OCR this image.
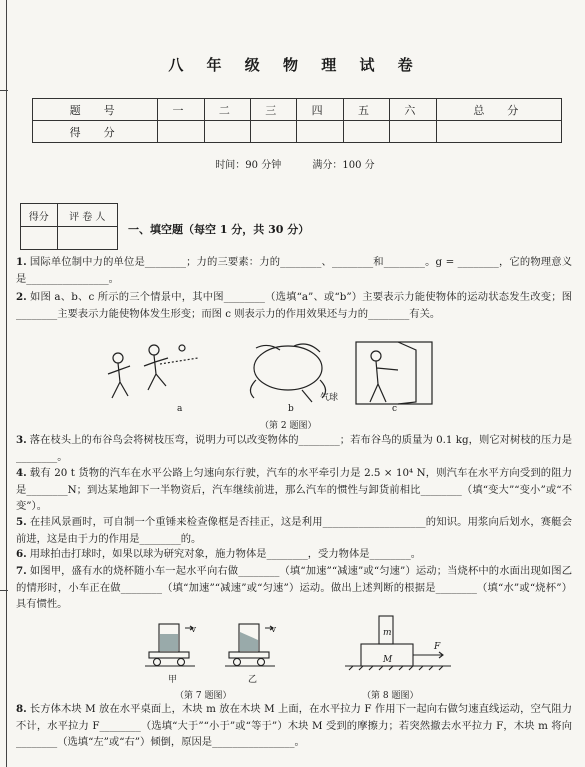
八 年 级 物 理 试 卷
题　号	一	二	三	四	五	六	总　分
得　分							
时间：90 分钟	满分：100 分
得分	评 卷 人

一、填空题（每空 1 分，共 30 分）
1. 国际单位制中力的单位是________；力的三要素：力的________、________和________。g = ________，它的物理意义是________________。
2. 如图 a、b、c 所示的三个情景中，其中图________（选填“a”、或“b”）主要表示力能使物体的运动状态发生改变；图________主要表示力能使物体发生形变；而图 c 则表示力的作用效果还与力的________有关。
a	b
气球
c
（第 2 题图）
3. 落在枝头上的布谷鸟会将树枝压弯，说明力可以改变物体的________；若布谷鸟的质量为 0.1 kg，则它对树枝的压力是________。
4. 载有 20 t 货物的汽车在水平公路上匀速向东行驶，汽车的水平牵引力是 2.5 × 10⁴ N，则汽车在水平方向受到的阻力是________N；到达某地卸下一半物资后，汽车继续前进，那么汽车的惯性与卸货前相比________（填“变大”“变小”或“不变”）。
5. 在挂风景画时，可自制一个重锤来检查像框是否挂正，这是利用____________________的知识。用浆向后划水，赛艇会前进，这是由于力的作用是________的。
6. 用球拍击打球时，如果以球为研究对象，施力物体是________，受力物体是________。
7. 如图甲，盛有水的烧杯随小车一起水平向右做________（填“加速”“减速”或“匀速”）运动；当烧杯中的水面出现如图乙的情形时，小车正在做________（填“加速”“减速”或“匀速”）运动。做出上述判断的根据是________（填“水”或“烧杯”）具有惯性。
v	v
甲	乙
（第 7 题图）
m
M
F
（第 8 题图）
8. 长方体木块 M 放在水平桌面上，木块 m 放在木块 M 上面，在水平拉力 F 作用下一起向右做匀速直线运动，空气阻力不计，水平拉力 F________（选填“大于”“小于”或“等于”）木块 M 受到的摩擦力；若突然撤去水平拉力 F，木块 m 将向________（选填“左”或“右”）倾倒，原因是________________。
